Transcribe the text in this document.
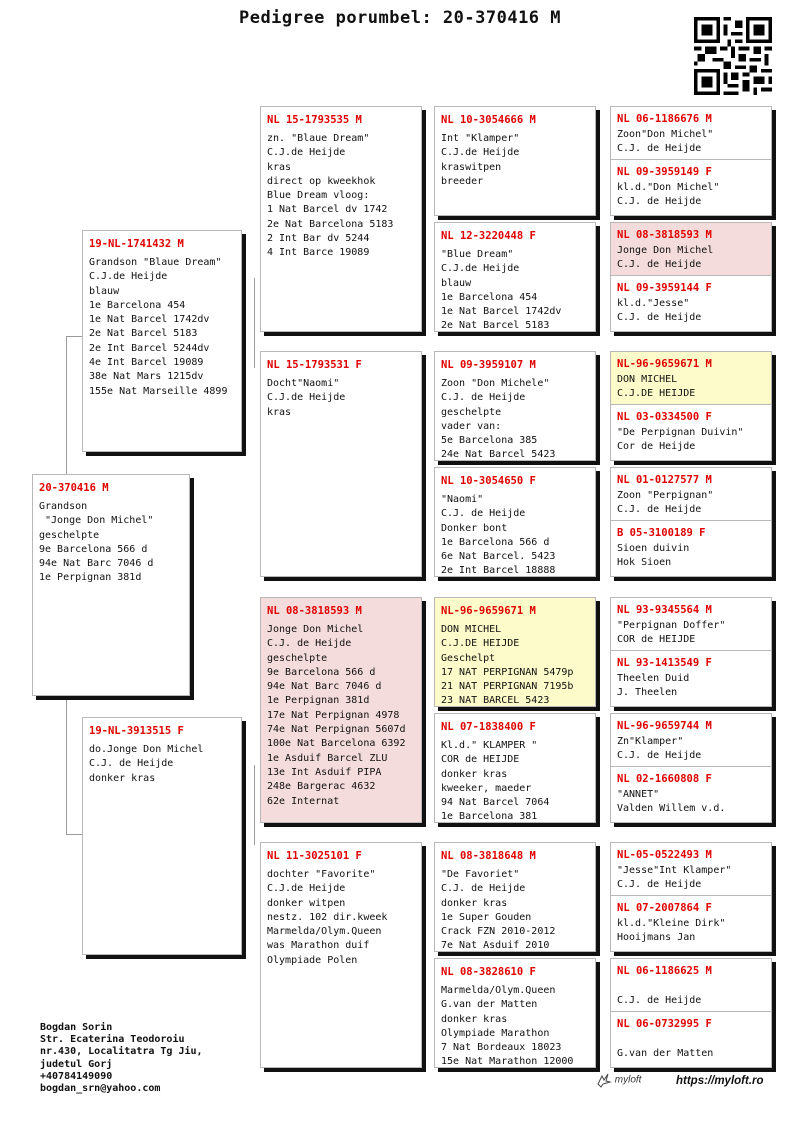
Pedigree porumbel: 20-370416 M
20-370416 M
Grandson
"Jonge Don Michel"
geschelpte
9e Barcelona 566 d
94e Nat Barc 7046 d
1e Perpignan 381d
19-NL-1741432 M
Grandson "Blaue Dream"
C.J.de Heijde
blauw
1e Barcelona 454
1e Nat Barcel 1742dv
2e Nat Barcel 5183
2e Int Barcel 5244dv
4e Int Barcel 19089
38e Nat Mars 1215dv
155e Nat Marseille 4899
19-NL-3913515 F
do.Jonge Don Michel
C.J. de Heijde
donker kras
NL 15-1793535 M
zn. "Blaue Dream"
C.J.de Heijde
kras
direct op kweekhok
Blue Dream vloog:
1 Nat Barcel dv 1742
2e Nat Barcelona 5183
2 Int Bar dv 5244
4 Int Barce 19089
NL 15-1793531 F
Docht"Naomi"
C.J.de Heijde
kras
NL 08-3818593 M
Jonge Don Michel
C.J. de Heijde
geschelpte
9e Barcelona 566 d
94e Nat Barc 7046 d
1e Perpignan 381d
17e Nat Perpignan 4978
74e Nat Perpignan 5607d
100e Nat Barcelona 6392
1e Asduif Barcel ZLU
13e Int Asduif PIPA
248e Bargerac 4632
62e Internat
NL 11-3025101 F
dochter "Favorite"
C.J.de Heijde
donker witpen
nestz. 102 dir.kweek
Marmelda/Olym.Queen
was Marathon duif
Olympiade Polen
NL 10-3054666 M
Int "Klamper"
C.J.de Heijde
kraswitpen
breeder
NL 12-3220448 F
"Blue Dream"
C.J.de Heijde
blauw
1e Barcelona 454
1e Nat Barcel 1742dv
2e Nat Barcel 5183
NL 09-3959107 M
Zoon "Don Michele"
C.J. de Heijde
geschelpte
vader van:
5e Barcelona 385
24e Nat Barcel 5423
NL 10-3054650 F
"Naomi"
C.J. de Heijde
Donker bont
1e Barcelona 566 d
6e Nat Barcel. 5423
2e Int Barcel 18888
NL-96-9659671 M
DON MICHEL
C.J.DE HEIJDE
Geschelpt
17 NAT PERPIGNAN 5479p
21 NAT PERPIGNAN 7195b
23 NAT BARCEL 5423
NL 07-1838400 F
Kl.d." KLAMPER "
COR de HEIJDE
donker kras
kweeker, maeder
94 Nat Barcel 7064
1e Barcelona 381
NL 08-3818648 M
"De Favoriet"
C.J. de Heijde
donker kras
1e Super Gouden
Crack FZN 2010-2012
7e Nat Asduif 2010
NL 08-3828610 F
Marmelda/Olym.Queen
G.van der Matten
donker kras
Olympiade Marathon
7 Nat Bordeaux 18023
15e Nat Marathon 12000
NL 06-1186676 M
Zoon"Don Michel"
C.J. de Heijde
NL 09-3959149 F
kl.d."Don Michel"
C.J. de Heijde
NL 08-3818593 M
Jonge Don Michel
C.J. de Heijde
NL 09-3959144 F
kl.d."Jesse"
C.J. de Heijde
NL-96-9659671 M
DON MICHEL
C.J.DE HEIJDE
NL 03-0334500 F
"De Perpignan Duivin"
Cor de Heijde
NL 01-0127577 M
Zoon "Perpignan"
C.J. de Heijde
B 05-3100189 F
Sioen duivin
Hok Sioen
NL 93-9345564 M
"Perpignan Doffer"
COR de HEIJDE
NL 93-1413549 F
Theelen Duid
J. Theelen
NL-96-9659744 M
Zn"Klamper"
C.J. de Heijde
NL 02-1660808 F
"ANNET"
Valden Willem v.d.
NL-05-0522493 M
"Jesse"Int Klamper"
C.J. de Heijde
NL 07-2007864 F
kl.d."Kleine Dirk"
Hooijmans Jan
NL 06-1186625 M

C.J. de Heijde
NL 06-0732995 F

G.van der Matten
Bogdan Sorin
Str. Ecaterina Teodoroiu
nr.430, Localitatra Tg Jiu,
judetul Gorj
+40784149090
bogdan_srn@yahoo.com
myloft	https://myloft.ro
